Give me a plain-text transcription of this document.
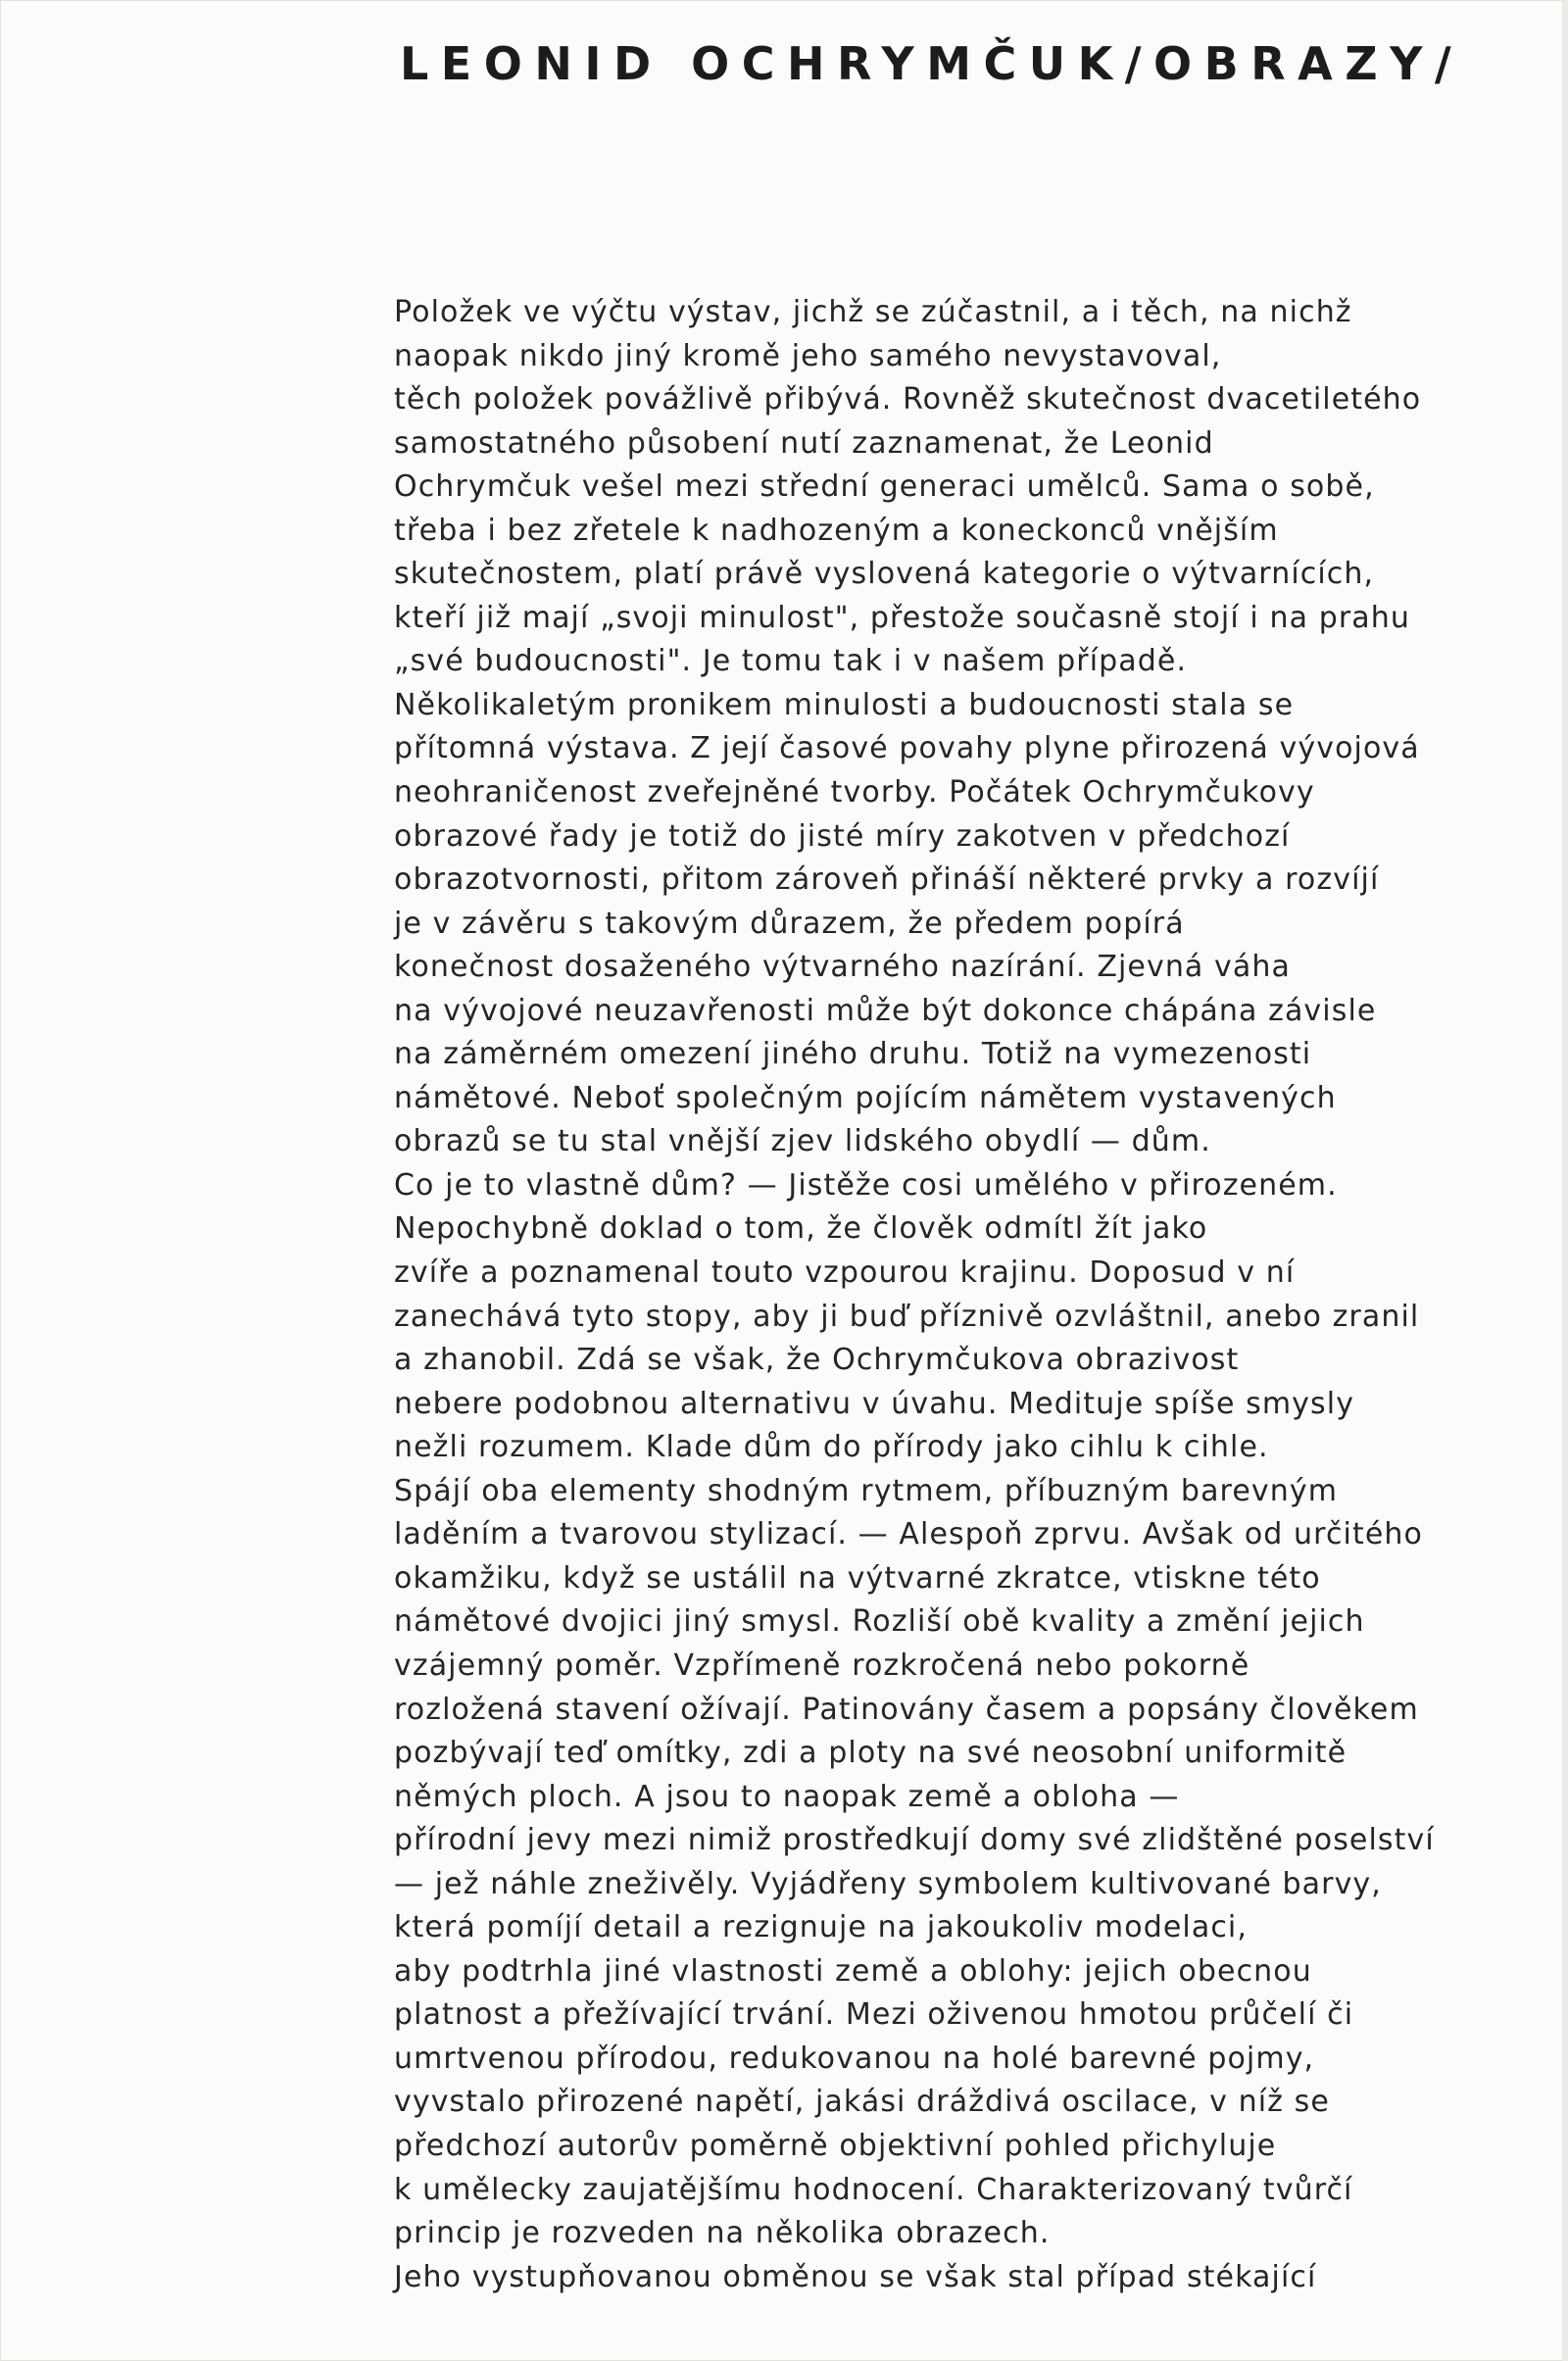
LEONID OCHRYMČUK/OBRAZY/
Položek ve výčtu výstav, jichž se zúčastnil, a i těch, na nichž
naopak nikdo jiný kromě jeho samého nevystavoval,
těch položek povážlivě přibývá. Rovněž skutečnost dvacetiletého
samostatného působení nutí zaznamenat, že Leonid
Ochrymčuk vešel mezi střední generaci umělců. Sama o sobě,
třeba i bez zřetele k nadhozeným a koneckonců vnějším
skutečnostem, platí právě vyslovená kategorie o výtvarnících,
kteří již mají „svoji minulost", přestože současně stojí i na prahu
„své budoucnosti". Je tomu tak i v našem případě.
Několikaletým pronikem minulosti a budoucnosti stala se
přítomná výstava. Z její časové povahy plyne přirozená vývojová
neohraničenost zveřejněné tvorby. Počátek Ochrymčukovy
obrazové řady je totiž do jisté míry zakotven v předchozí
obrazotvornosti, přitom zároveň přináší některé prvky a rozvíjí
je v závěru s takovým důrazem, že předem popírá
konečnost dosaženého výtvarného nazírání. Zjevná váha
na vývojové neuzavřenosti může být dokonce chápána závisle
na záměrném omezení jiného druhu. Totiž na vymezenosti
námětové. Neboť společným pojícím námětem vystavených
obrazů se tu stal vnější zjev lidského obydlí — dům.
Co je to vlastně dům? — Jistěže cosi umělého v přirozeném.
Nepochybně doklad o tom, že člověk odmítl žít jako
zvíře a poznamenal touto vzpourou krajinu. Doposud v ní
zanechává tyto stopy, aby ji buď příznivě ozvláštnil, anebo zranil
a zhanobil. Zdá se však, že Ochrymčukova obrazivost
nebere podobnou alternativu v úvahu. Medituje spíše smysly
nežli rozumem. Klade dům do přírody jako cihlu k cihle.
Spájí oba elementy shodným rytmem, příbuzným barevným
laděním a tvarovou stylizací. — Alespoň zprvu. Avšak od určitého
okamžiku, když se ustálil na výtvarné zkratce, vtiskne této
námětové dvojici jiný smysl. Rozliší obě kvality a změní jejich
vzájemný poměr. Vzpřímeně rozkročená nebo pokorně
rozložená stavení ožívají. Patinovány časem a popsány člověkem
pozbývají teď omítky, zdi a ploty na své neosobní uniformitě
němých ploch. A jsou to naopak země a obloha —
přírodní jevy mezi nimiž prostředkují domy své zlidštěné poselství
— jež náhle zneživěly. Vyjádřeny symbolem kultivované barvy,
která pomíjí detail a rezignuje na jakoukoliv modelaci,
aby podtrhla jiné vlastnosti země a oblohy: jejich obecnou
platnost a přežívající trvání. Mezi oživenou hmotou průčelí či
umrtvenou přírodou, redukovanou na holé barevné pojmy,
vyvstalo přirozené napětí, jakási dráždivá oscilace, v níž se
předchozí autorův poměrně objektivní pohled přichyluje
k umělecky zaujatějšímu hodnocení. Charakterizovaný tvůrčí
princip je rozveden na několika obrazech.
Jeho vystupňovanou obměnou se však stal případ stékající
